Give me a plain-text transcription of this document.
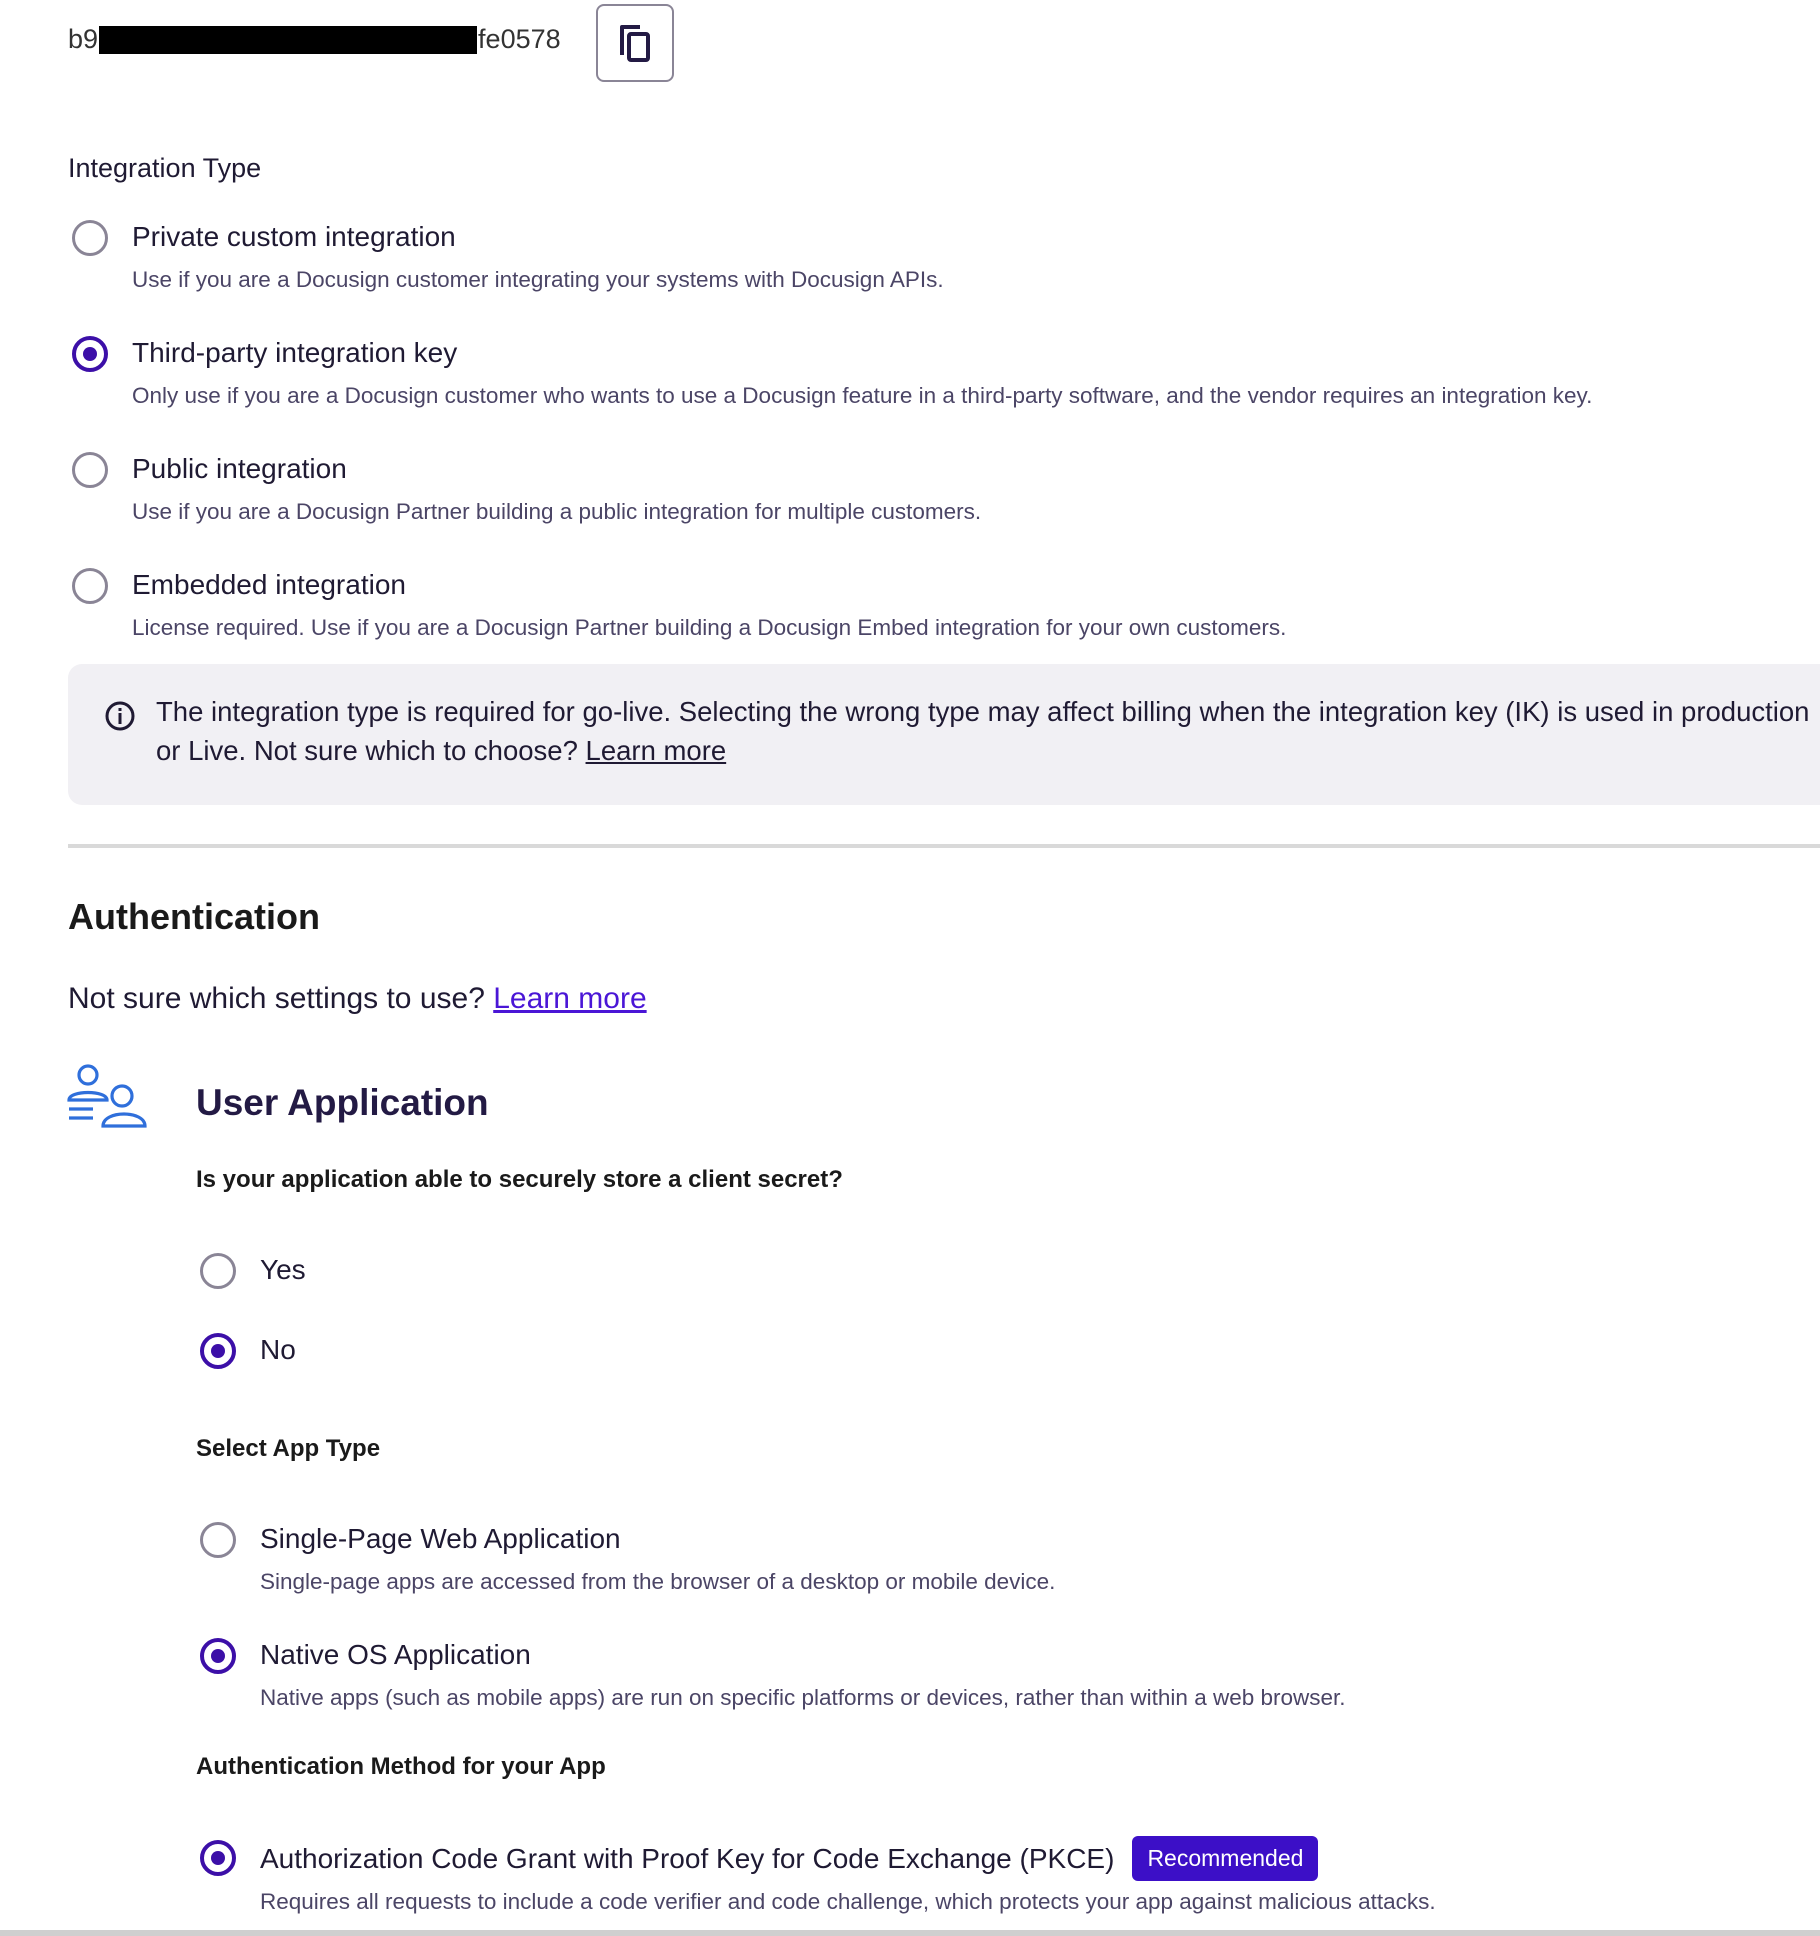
b9	fe0578
Integration Type
Private custom integration
Use if you are a Docusign customer integrating your systems with Docusign APIs.
Third-party integration key
Only use if you are a Docusign customer who wants to use a Docusign feature in a third-party software, and the vendor requires an integration key.
Public integration
Use if you are a Docusign Partner building a public integration for multiple customers.
Embedded integration
License required. Use if you are a Docusign Partner building a Docusign Embed integration for your own customers.
The integration type is required for go-live. Selecting the wrong type may affect billing when the integration key (IK) is used in production
or Live. Not sure which to choose? Learn more
Authentication
Not sure which settings to use? Learn more
User Application
Is your application able to securely store a client secret?
Yes
No
Select App Type
Single-Page Web Application
Single-page apps are accessed from the browser of a desktop or mobile device.
Native OS Application
Native apps (such as mobile apps) are run on specific platforms or devices, rather than within a web browser.
Authentication Method for your App
Authorization Code Grant with Proof Key for Code Exchange (PKCE)	Recommended
Requires all requests to include a code verifier and code challenge, which protects your app against malicious attacks.
